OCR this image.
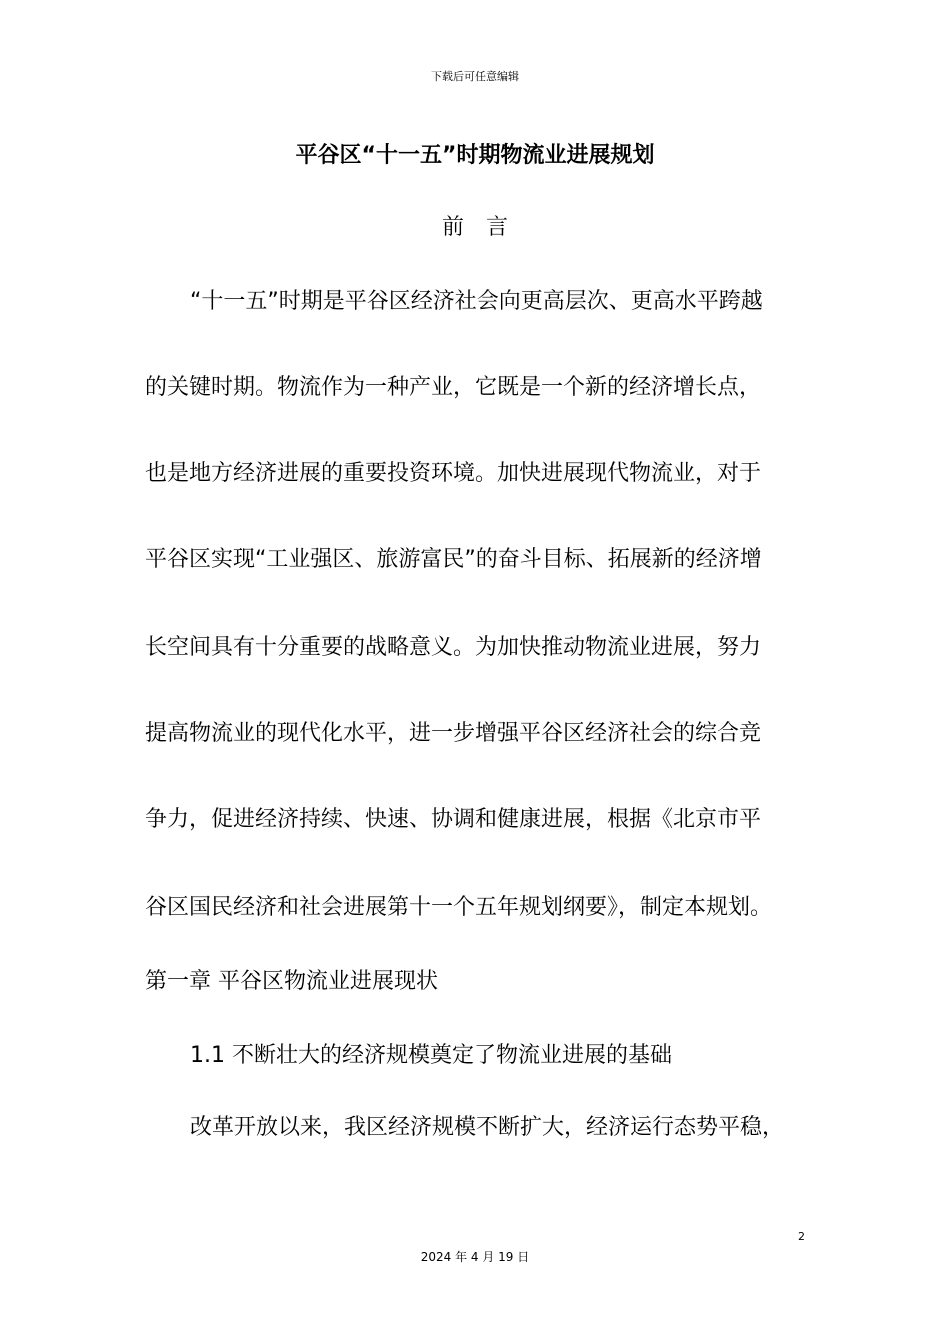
下载后可任意编辑
平谷区“十一五”时期物流业进展规划
前　言
“十一五”时期是平谷区经济社会向更高层次、更高水平跨越
的关键时期。物流作为一种产业，它既是一个新的经济增长点，
也是地方经济进展的重要投资环境。加快进展现代物流业，对于
平谷区实现“工业强区、旅游富民”的奋斗目标、拓展新的经济增
长空间具有十分重要的战略意义。为加快推动物流业进展，努力
提高物流业的现代化水平，进一步增强平谷区经济社会的综合竞
争力，促进经济持续、快速、协调和健康进展，根据《北京市平
谷区国民经济和社会进展第十一个五年规划纲要》，制定本规划。
第一章 平谷区物流业进展现状
1.1 不断壮大的经济规模奠定了物流业进展的基础
改革开放以来，我区经济规模不断扩大，经济运行态势平稳，
2
2024 年 4 月 19 日
